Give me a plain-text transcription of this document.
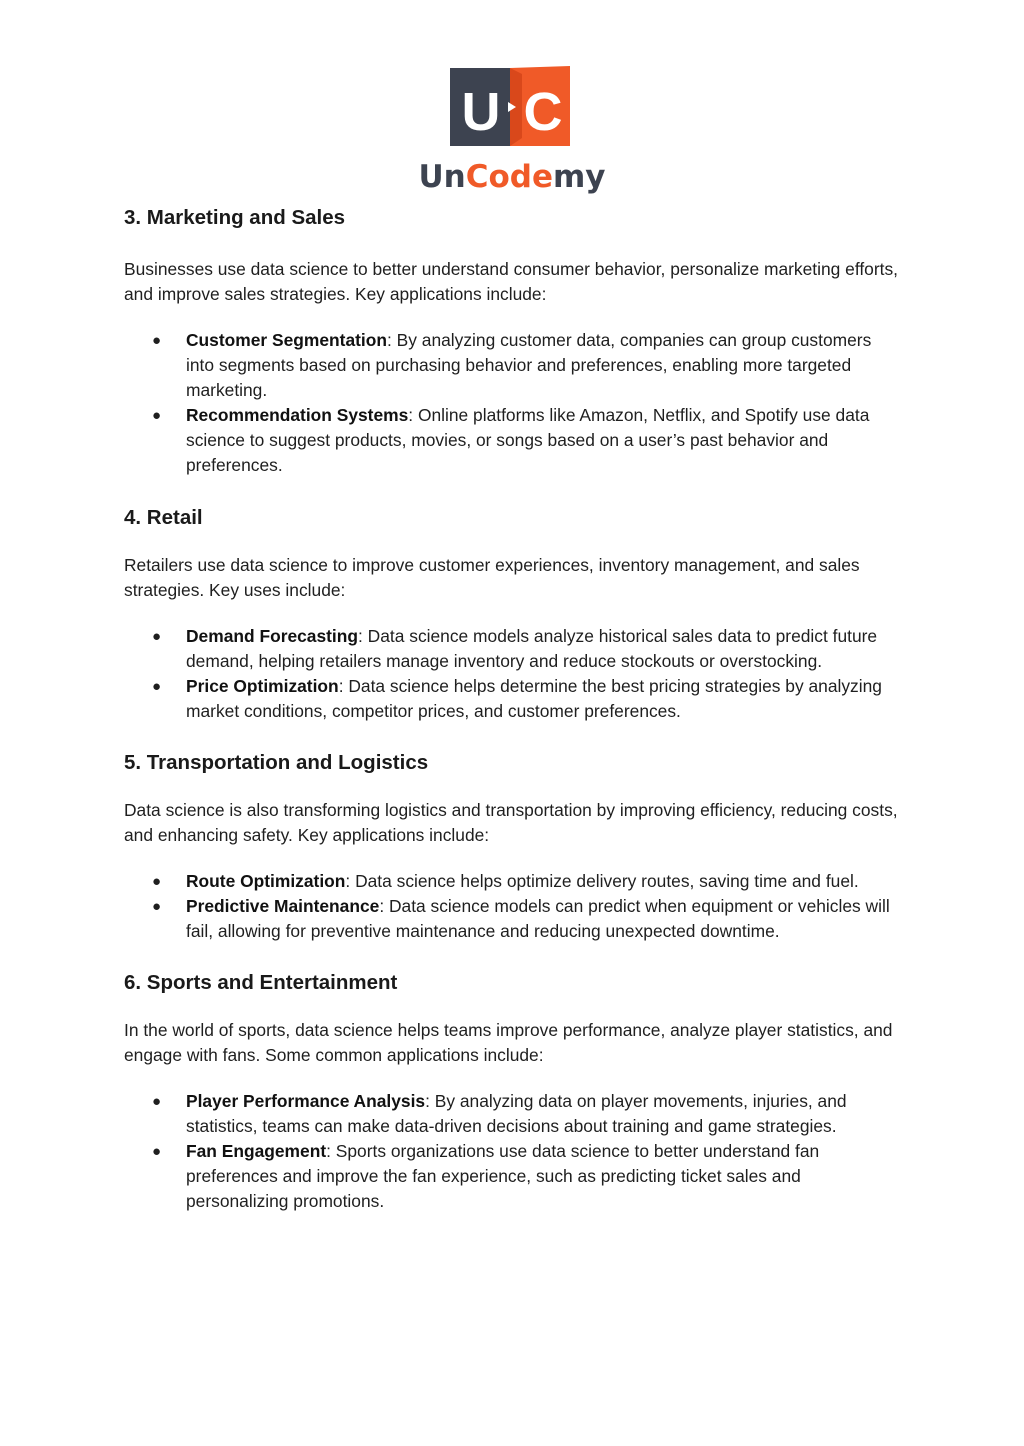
U C
UnCodemy
3. Marketing and Sales

Businesses use data science to better understand consumer behavior, personalize marketing efforts, and improve sales strategies. Key applications include:

● Customer Segmentation: By analyzing customer data, companies can group customers into segments based on purchasing behavior and preferences, enabling more targeted marketing.
● Recommendation Systems: Online platforms like Amazon, Netflix, and Spotify use data science to suggest products, movies, or songs based on a user’s past behavior and preferences.
4. Retail

Retailers use data science to improve customer experiences, inventory management, and sales strategies. Key uses include:

● Demand Forecasting: Data science models analyze historical sales data to predict future demand, helping retailers manage inventory and reduce stockouts or overstocking.
● Price Optimization: Data science helps determine the best pricing strategies by analyzing market conditions, competitor prices, and customer preferences.
5. Transportation and Logistics

Data science is also transforming logistics and transportation by improving efficiency, reducing costs, and enhancing safety. Key applications include:

● Route Optimization: Data science helps optimize delivery routes, saving time and fuel.
● Predictive Maintenance: Data science models can predict when equipment or vehicles will fail, allowing for preventive maintenance and reducing unexpected downtime.
6. Sports and Entertainment

In the world of sports, data science helps teams improve performance, analyze player statistics, and engage with fans. Some common applications include:

● Player Performance Analysis: By analyzing data on player movements, injuries, and statistics, teams can make data-driven decisions about training and game strategies.
● Fan Engagement: Sports organizations use data science to better understand fan preferences and improve the fan experience, such as predicting ticket sales and personalizing promotions.
